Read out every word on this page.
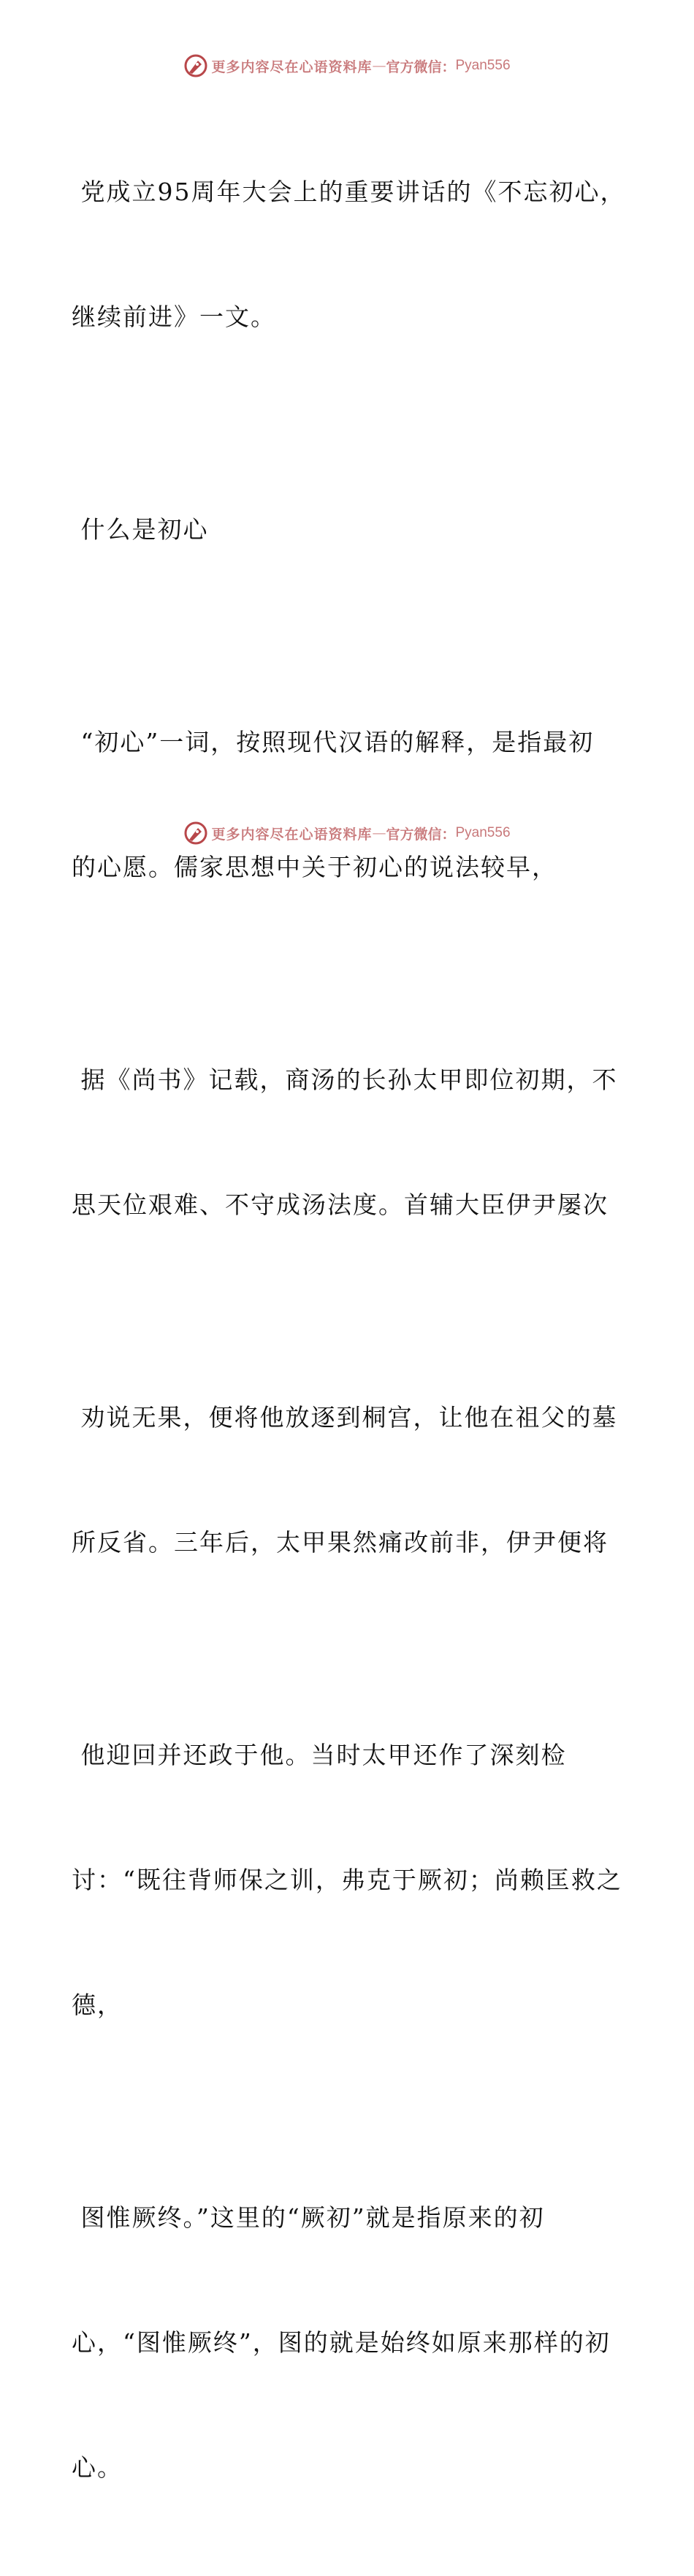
更多内容尽在心语资料库 — 官方微信： Pyan556

党成立95周年大会上的重要讲话的《不忘初心，

继续前进》一文。

什么是初心

“初心”一词，按照现代汉语的解释，是指最初

的心愿。儒家思想中关于初心的说法较早，

据《尚书》记载，商汤的长孙太甲即位初期，不

思天位艰难、不守成汤法度。首辅大臣伊尹屡次

劝说无果，便将他放逐到桐宫，让他在祖父的墓

所反省。三年后，太甲果然痛改前非，伊尹便将

他迎回并还政于他。当时太甲还作了深刻检

讨：“既往背师保之训，弗克于厥初；尚赖匡救之

德，

图惟厥终。”这里的“厥初”就是指原来的初

心，“图惟厥终”，图的就是始终如原来那样的初

心。

更多内容尽在心语资料库 — 官方微信： Pyan556
